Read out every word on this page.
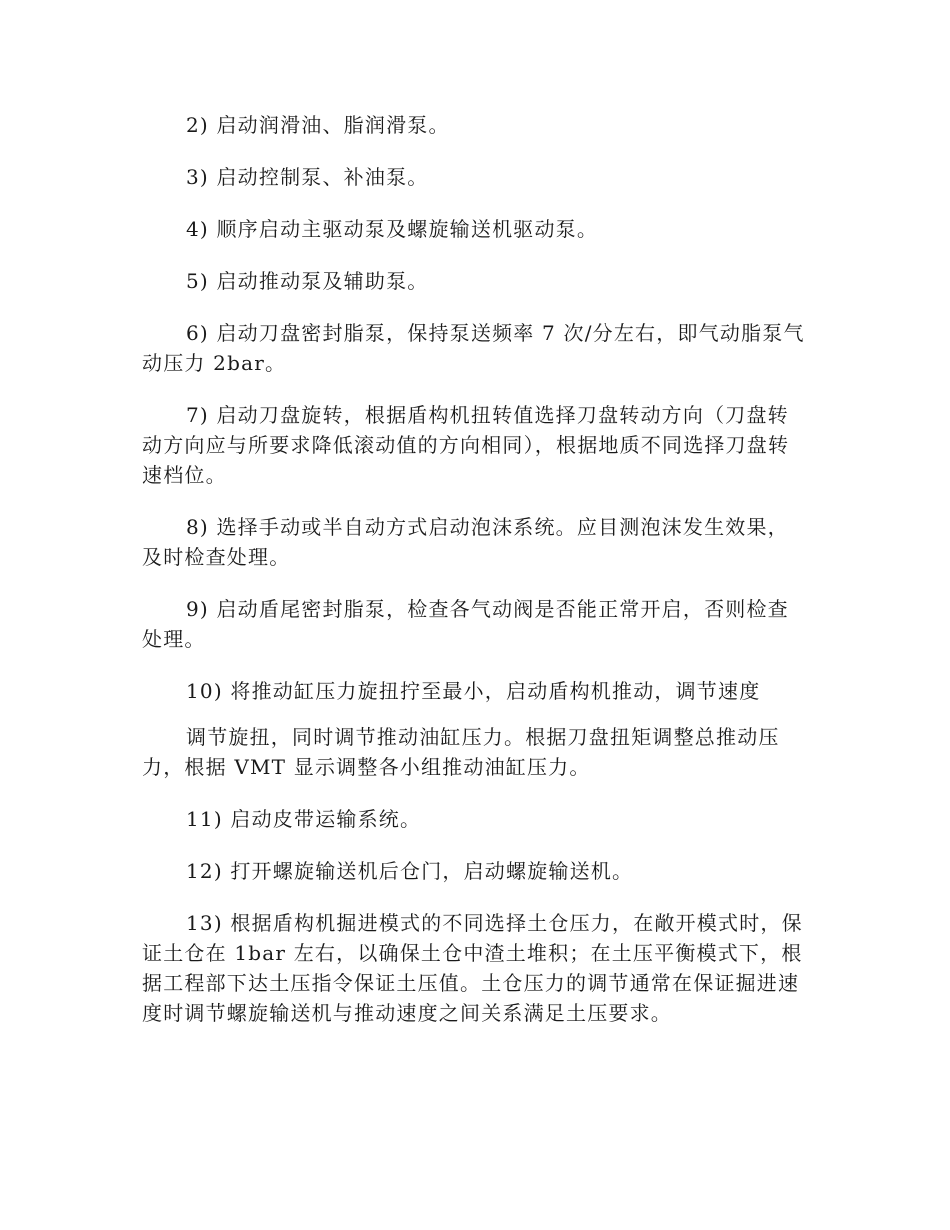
2) 启动润滑油、脂润滑泵。

3) 启动控制泵、补油泵。

4) 顺序启动主驱动泵及螺旋输送机驱动泵。

5) 启动推动泵及辅助泵。

6) 启动刀盘密封脂泵，保持泵送频率 7 次/分左右，即气动脂泵气动压力 2bar。

7) 启动刀盘旋转，根据盾构机扭转值选择刀盘转动方向（刀盘转动方向应与所要求降低滚动值的方向相同），根据地质不同选择刀盘转速档位。

8) 选择手动或半自动方式启动泡沫系统。应目测泡沫发生效果，及时检查处理。

9) 启动盾尾密封脂泵，检查各气动阀是否能正常开启，否则检查处理。

10) 将推动缸压力旋扭拧至最小，启动盾构机推动，调节速度

调节旋扭，同时调节推动油缸压力。根据刀盘扭矩调整总推动压力，根据 VMT 显示调整各小组推动油缸压力。

11) 启动皮带运输系统。

12) 打开螺旋输送机后仓门，启动螺旋输送机。

13) 根据盾构机掘进模式的不同选择土仓压力，在敞开模式时，保证土仓在 1bar 左右，以确保土仓中渣土堆积；在土压平衡模式下，根据工程部下达土压指令保证土压值。土仓压力的调节通常在保证掘进速度时调节螺旋输送机与推动速度之间关系满足土压要求。
